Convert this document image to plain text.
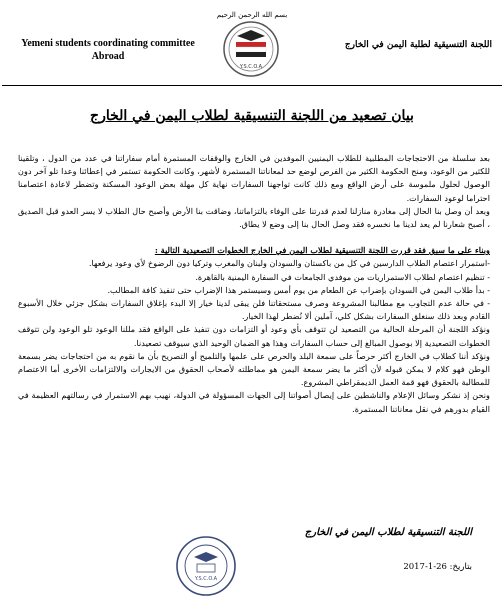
بسم الله الرحمن الرحيم
Yemeni students coordinating committee
Abroad
Y.S.C.O.A
اللجنة التنسيقية لطلبة اليمن في الخارج
بيان تصعيد من اللجنة التنسيقية لطلاب اليمن في الخارج

بعد سلسلة من الاحتجاجات المطلبية للطلاب اليمنيين الموفدين في الخارج والوقفات المستمرة أمام سفاراتنا في عدد من الدول ، وتلقينا للكثير من الوعود، ومنح الحكومة الكثير من الفرص لوضع حد لمعاناتنا المستمرة لأشهر، وكانت الحكومة تستمر في إعطائنا وعدا تلو آخر دون الوصول لحلول ملموسة على أرض الواقع ومع ذلك كانت تواجهنا السفارات نهاية كل مهلة بعض الوعود المسكنة وتضطر لاعادة اعتصامنا احتراما لوعود السفارات.

وبعد أن وصل بنا الحال إلى مغادرة منازلنا لعدم قدرتنا على الوفاء بالتزاماتنا، وضاقت بنا الأرض وأصبح حال الطلاب لا يسر العدو قبل الصديق ، أصبح شعارنا لم يعد لدينا ما نخسره فقد وصل الحال بنا إلى وضع لا يطاق.

وبناء على ما سبق فقد قررت اللجنة التنسيقية لطلاب اليمن في الخارج الخطوات التصعيدية التالية :

-استمرار اعتصام الطلاب الدارسين في كل من باكستان والسودان ولبنان والمغرب وتركيا دون الرضوخ لأي وعود يرفعها.

- تنظيم اعتصام لطلاب الاستمراريات من موفدي الجامعات في السفارة اليمنية بالقاهرة.

- بدأ طلاب اليمن في السودان بإضراب عن الطعام من يوم أمس وسيستمر هذا الإضراب حتى تنفيذ كافة المطالب.

- في حالة عدم التجاوب مع مطالبنا المشروعة وصرف مستحقاتنا فلن يبقى لدينا خيار إلا البدء بإغلاق السفارات بشكل جزئي خلال الأسبوع القادم وبعد ذلك سنغلق السفارات بشكل كلي، آملين ألا نُضطر لهذا الخيار.

ونؤكد اللجنة أن المرحلة الحالية من التصعيد لن تتوقف بأي وعود أو التزامات دون تنفيذ على الواقع فقد مللنا الوعود تلو الوعود ولن تتوقف الخطوات التصعيدية إلا بوصول المبالغ إلى حساب السفارات وهذا هو الضمان الوحيد الذي سيوقف تصعيدنا.

ونؤكد أننا كطلاب في الخارج أكثر حرصاً على سمعة البلد والحرص على علمها والتلميح أو التصريح بأن ما نقوم به من احتجاجات يضر بسمعة الوطن فهو كلام لا يمكن قبوله لأن أكثر ما يضر سمعة اليمن هو مماطلته لأصحاب الحقوق من الايجارات والالتزامات الأخرى أما الاعتصام للمطالبة بالحقوق فهو قمة العمل الديمقراطي المشروع.

ونحن إذ نشكر وسائل الإعلام والناشطين على إيصال أصواتنا إلى الجهات المسؤولة في الدولة، نهيب بهم الاستمرار في رسالتهم العظيمة في القيام بدورهم في نقل معاناتنا المستمرة.

اللجنة التنسيقية لطلاب اليمن في الخارج
Y.S.C.O.A
بتاريخ: 26-1-2017
